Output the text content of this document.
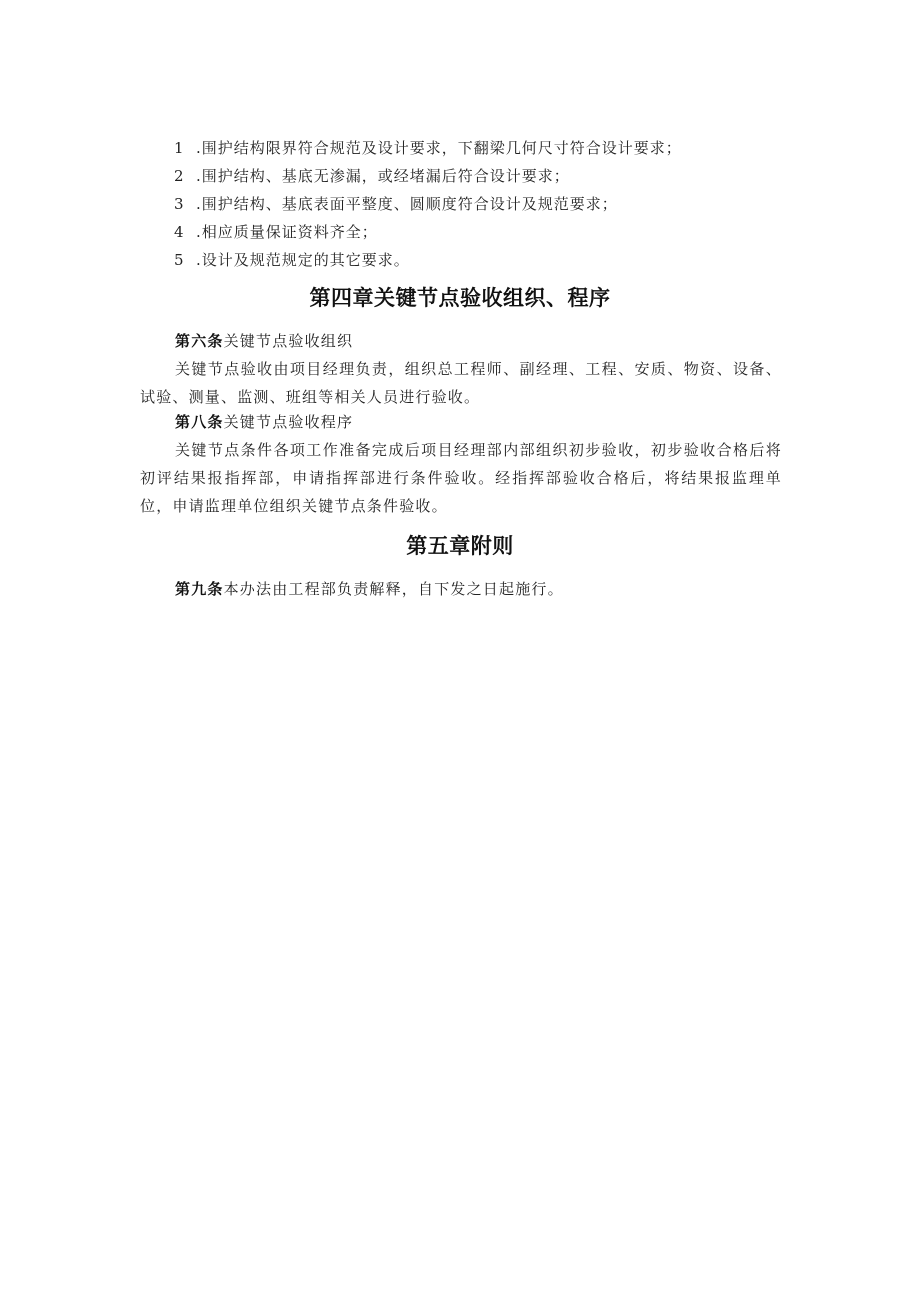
1 .围护结构限界符合规范及设计要求，下翻梁几何尺寸符合设计要求；
2 .围护结构、基底无渗漏，或经堵漏后符合设计要求；
3 .围护结构、基底表面平整度、圆顺度符合设计及规范要求；
4 .相应质量保证资料齐全；
5 .设计及规范规定的其它要求。
第四章关键节点验收组织、程序
第六条关键节点验收组织
关键节点验收由项目经理负责，组织总工程师、副经理、工程、安质、物资、设备、试验、测量、监测、班组等相关人员进行验收。
第八条关键节点验收程序
关键节点条件各项工作准备完成后项目经理部内部组织初步验收，初步验收合格后将初评结果报指挥部，申请指挥部进行条件验收。经指挥部验收合格后，将结果报监理单位，申请监理单位组织关键节点条件验收。
第五章附则
第九条本办法由工程部负责解释，自下发之日起施行。
